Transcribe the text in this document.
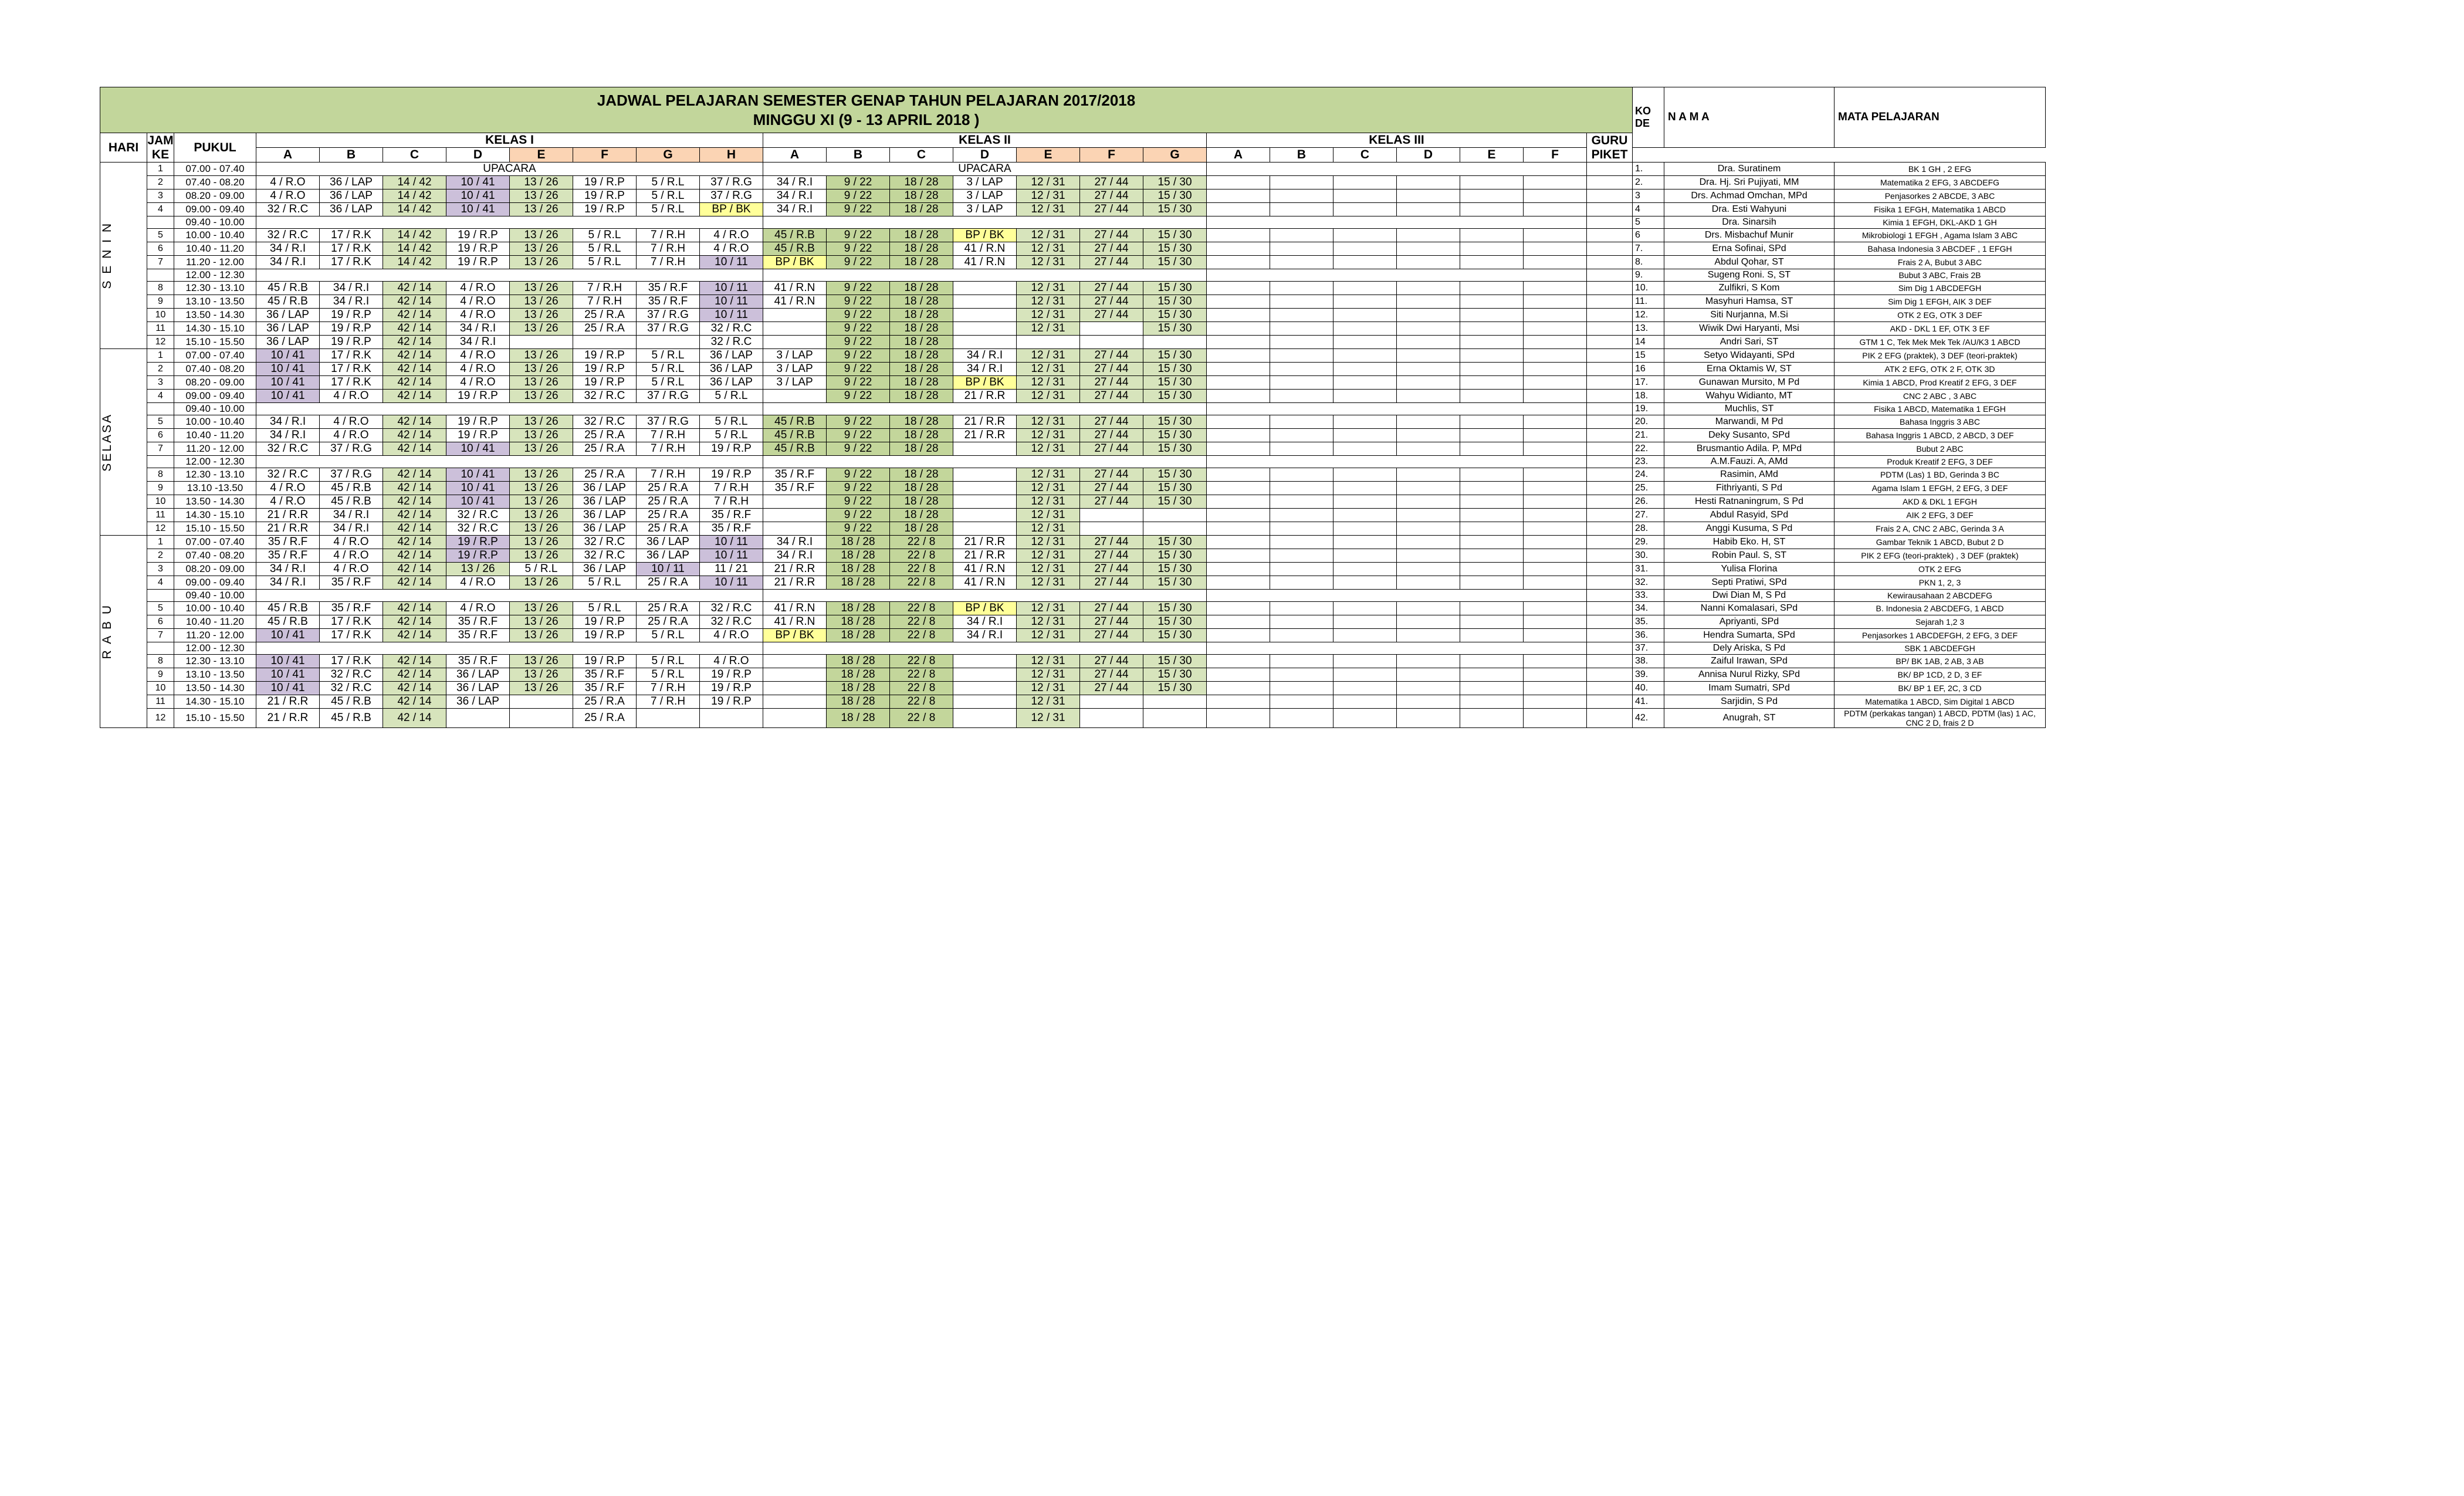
JADWAL PELAJARAN SEMESTER GENAP TAHUN PELAJARAN 2017/2018
MINGGU XI (9 - 13 APRIL 2018 )	KO
DE	N A M A	MATA PELAJARAN
HARI	JAM
KE	PUKUL	KELAS I								KELAS II							KELAS III						GURU
PIKET			
			A	B	C	D	E	F	G	H	A	B	C	D	E	F	G	A	B	C	D	E	F				

S E N I N	1	07.00 - 07.40	UPACARA								UPACARA														1.	Dra. Suratinem	BK 1 GH , 2 EFG
	2	07.40 - 08.20	4 / R.O	36 / LAP	14 / 42	10 / 41	13 / 26	19 / R.P	5 / R.L	37 / R.G	34 / R.I	9 / 22	18 / 28	3 / LAP	12 / 31	27 / 44	15 / 30								2.	Dra. Hj. Sri Pujiyati, MM	Matematika 2 EFG, 3 ABCDEFG
	3	08.20 - 09.00	4 / R.O	36 / LAP	14 / 42	10 / 41	13 / 26	19 / R.P	5 / R.L	37 / R.G	34 / R.I	9 / 22	18 / 28	3 / LAP	12 / 31	27 / 44	15 / 30								3	Drs. Achmad Omchan, MPd	Penjasorkes 2 ABCDE, 3 ABC
	4	09.00 - 09.40	32 / R.C	36 / LAP	14 / 42	10 / 41	13 / 26	19 / R.P	5 / R.L	BP / BK	34 / R.I	9 / 22	18 / 28	3 / LAP	12 / 31	27 / 44	15 / 30								4	Dra. Esti Wahyuni	Fisika 1 EFGH, Matematika 1 ABCD
		09.40 - 10.00																							5	Dra. Sinarsih	Kimia 1 EFGH, DKL-AKD 1 GH
	5	10.00 - 10.40	32 / R.C	17 / R.K	14 / 42	19 / R.P	13 / 26	5 / R.L	7 / R.H	4 / R.O	45 / R.B	9 / 22	18 / 28	BP / BK	12 / 31	27 / 44	15 / 30								6	Drs. Misbachuf Munir	Mikrobiologi 1 EFGH , Agama Islam 3 ABC
	6	10.40 - 11.20	34 / R.I	17 / R.K	14 / 42	19 / R.P	13 / 26	5 / R.L	7 / R.H	4 / R.O	45 / R.B	9 / 22	18 / 28	41 / R.N	12 / 31	27 / 44	15 / 30								7.	Erna Sofinai, SPd	Bahasa Indonesia 3 ABCDEF , 1 EFGH
	7	11.20 - 12.00	34 / R.I	17 / R.K	14 / 42	19 / R.P	13 / 26	5 / R.L	7 / R.H	10 / 11	BP / BK	9 / 22	18 / 28	41 / R.N	12 / 31	27 / 44	15 / 30								8.	Abdul Qohar, ST	Frais 2 A, Bubut 3 ABC
		12.00 - 12.30																							9.	Sugeng Roni. S, ST	Bubut 3 ABC, Frais 2B
	8	12.30 - 13.10	45 / R.B	34 / R.I	42 / 14	4 / R.O	13 / 26	7 / R.H	35 / R.F	10 / 11	41 / R.N	9 / 22	18 / 28		12 / 31	27 / 44	15 / 30								10.	Zulfikri, S Kom	Sim Dig 1 ABCDEFGH
	9	13.10 - 13.50	45 / R.B	34 / R.I	42 / 14	4 / R.O	13 / 26	7 / R.H	35 / R.F	10 / 11	41 / R.N	9 / 22	18 / 28		12 / 31	27 / 44	15 / 30								11.	Masyhuri Hamsa, ST	Sim Dig 1 EFGH, AIK 3 DEF
	10	13.50 - 14.30	36 / LAP	19 / R.P	42 / 14	4 / R.O	13 / 26	25 / R.A	37 / R.G	10 / 11		9 / 22	18 / 28		12 / 31	27 / 44	15 / 30								12.	Siti Nurjanna, M.Si	OTK 2 EG, OTK 3 DEF
	11	14.30 - 15.10	36 / LAP	19 / R.P	42 / 14	34 / R.I	13 / 26	25 / R.A	37 / R.G	32 / R.C		9 / 22	18 / 28		12 / 31		15 / 30								13.	Wiwik Dwi Haryanti, Msi	AKD - DKL 1 EF, OTK 3 EF
	12	15.10 - 15.50	36 / LAP	19 / R.P	42 / 14	34 / R.I				32 / R.C		9 / 22	18 / 28												14	Andri Sari, ST	GTM 1 C, Tek Mek Mek Tek /AU/K3 1 ABCD

SELASA	1	07.00 - 07.40	10 / 41	17 / R.K	42 / 14	4 / R.O	13 / 26	19 / R.P	5 / R.L	36 / LAP	3 / LAP	9 / 22	18 / 28	34 / R.I	12 / 31	27 / 44	15 / 30								15	Setyo Widayanti, SPd	PIK 2 EFG (praktek), 3 DEF (teori-praktek)
	2	07.40 - 08.20	10 / 41	17 / R.K	42 / 14	4 / R.O	13 / 26	19 / R.P	5 / R.L	36 / LAP	3 / LAP	9 / 22	18 / 28	34 / R.I	12 / 31	27 / 44	15 / 30								16	Erna Oktamis W, ST	ATK 2 EFG, OTK 2 F, OTK 3D
	3	08.20 - 09.00	10 / 41	17 / R.K	42 / 14	4 / R.O	13 / 26	19 / R.P	5 / R.L	36 / LAP	3 / LAP	9 / 22	18 / 28	BP / BK	12 / 31	27 / 44	15 / 30								17.	Gunawan Mursito, M Pd	Kimia 1 ABCD, Prod Kreatif 2 EFG, 3 DEF
	4	09.00 - 09.40	10 / 41	4 / R.O	42 / 14	19 / R.P	13 / 26	32 / R.C	37 / R.G	5 / R.L		9 / 22	18 / 28	21 / R.R	12 / 31	27 / 44	15 / 30								18.	Wahyu Widianto, MT	CNC 2 ABC , 3 ABC
		09.40 - 10.00																							19.	Muchlis, ST	Fisika 1 ABCD, Matematika 1 EFGH
	5	10.00 - 10.40	34 / R.I	4 / R.O	42 / 14	19 / R.P	13 / 26	32 / R.C	37 / R.G	5 / R.L	45 / R.B	9 / 22	18 / 28	21 / R.R	12 / 31	27 / 44	15 / 30								20.	Marwandi, M Pd	Bahasa Inggris 3 ABC
	6	10.40 - 11.20	34 / R.I	4 / R.O	42 / 14	19 / R.P	13 / 26	25 / R.A	7 / R.H	5 / R.L	45 / R.B	9 / 22	18 / 28	21 / R.R	12 / 31	27 / 44	15 / 30								21.	Deky Susanto, SPd	Bahasa Inggris 1 ABCD, 2 ABCD, 3 DEF
	7	11.20 - 12.00	32 / R.C	37 / R.G	42 / 14	10 / 41	13 / 26	25 / R.A	7 / R.H	19 / R.P	45 / R.B	9 / 22	18 / 28		12 / 31	27 / 44	15 / 30								22.	Brusmantio Adila. P, MPd	Bubut 2 ABC
		12.00 - 12.30																							23.	A.M.Fauzi. A, AMd	Produk Kreatif 2 EFG, 3 DEF
	8	12.30 - 13.10	32 / R.C	37 / R.G	42 / 14	10 / 41	13 / 26	25 / R.A	7 / R.H	19 / R.P	35 / R.F	9 / 22	18 / 28		12 / 31	27 / 44	15 / 30								24.	Rasimin, AMd	PDTM (Las) 1 BD, Gerinda 3 BC
	9	13.10 -13.50	4 / R.O	45 / R.B	42 / 14	10 / 41	13 / 26	36 / LAP	25 / R.A	7 / R.H	35 / R.F	9 / 22	18 / 28		12 / 31	27 / 44	15 / 30								25.	Fithriyanti, S Pd	Agama Islam 1 EFGH, 2 EFG, 3 DEF
	10	13.50 - 14.30	4 / R.O	45 / R.B	42 / 14	10 / 41	13 / 26	36 / LAP	25 / R.A	7 / R.H		9 / 22	18 / 28		12 / 31	27 / 44	15 / 30								26.	Hesti Ratnaningrum, S Pd	AKD & DKL 1 EFGH
	11	14.30 - 15.10	21 / R.R	34 / R.I	42 / 14	32 / R.C	13 / 26	36 / LAP	25 / R.A	35 / R.F		9 / 22	18 / 28		12 / 31										27.	Abdul Rasyid, SPd	AIK 2 EFG, 3 DEF
	12	15.10 - 15.50	21 / R.R	34 / R.I	42 / 14	32 / R.C	13 / 26	36 / LAP	25 / R.A	35 / R.F		9 / 22	18 / 28		12 / 31										28.	Anggi Kusuma, S Pd	Frais 2 A, CNC 2 ABC, Gerinda 3 A

R A B U	1	07.00 - 07.40	35 / R.F	4 / R.O	42 / 14	19 / R.P	13 / 26	32 / R.C	36 / LAP	10 / 11	34 / R.I	18 / 28	22 / 8	21 / R.R	12 / 31	27 / 44	15 / 30								29.	Habib Eko. H, ST	Gambar Teknik 1 ABCD, Bubut 2 D
	2	07.40 - 08.20	35 / R.F	4 / R.O	42 / 14	19 / R.P	13 / 26	32 / R.C	36 / LAP	10 / 11	34 / R.I	18 / 28	22 / 8	21 / R.R	12 / 31	27 / 44	15 / 30								30.	Robin Paul. S, ST	PIK 2 EFG (teori-praktek) , 3 DEF (praktek)
	3	08.20 - 09.00	34 / R.I	4 / R.O	42 / 14	13 / 26	5 / R.L	36 / LAP	10 / 11	11 / 21	21 / R.R	18 / 28	22 / 8	41 / R.N	12 / 31	27 / 44	15 / 30								31.	Yulisa Florina	OTK 2 EFG
	4	09.00 - 09.40	34 / R.I	35 / R.F	42 / 14	4 / R.O	13 / 26	5 / R.L	25 / R.A	10 / 11	21 / R.R	18 / 28	22 / 8	41 / R.N	12 / 31	27 / 44	15 / 30								32.	Septi Pratiwi, SPd	PKN 1, 2, 3
		09.40 - 10.00																							33.	Dwi Dian M, S Pd	Kewirausahaan 2 ABCDEFG
	5	10.00 - 10.40	45 / R.B	35 / R.F	42 / 14	4 / R.O	13 / 26	5 / R.L	25 / R.A	32 / R.C	41 / R.N	18 / 28	22 / 8	BP / BK	12 / 31	27 / 44	15 / 30								34.	Nanni Komalasari, SPd	B. Indonesia 2 ABCDEFG, 1 ABCD
	6	10.40 - 11.20	45 / R.B	17 / R.K	42 / 14	35 / R.F	13 / 26	19 / R.P	25 / R.A	32 / R.C	41 / R.N	18 / 28	22 / 8	34 / R.I	12 / 31	27 / 44	15 / 30								35.	Apriyanti, SPd	Sejarah 1,2 3
	7	11.20 - 12.00	10 / 41	17 / R.K	42 / 14	35 / R.F	13 / 26	19 / R.P	5 / R.L	4 / R.O	BP / BK	18 / 28	22 / 8	34 / R.I	12 / 31	27 / 44	15 / 30								36.	Hendra Sumarta, SPd	Penjasorkes 1 ABCDEFGH, 2 EFG, 3 DEF
		12.00 - 12.30																							37.	Dely Ariska, S Pd	SBK 1 ABCDEFGH
	8	12.30 - 13.10	10 / 41	17 / R.K	42 / 14	35 / R.F	13 / 26	19 / R.P	5 / R.L	4 / R.O		18 / 28	22 / 8		12 / 31	27 / 44	15 / 30								38.	Zaiful Irawan, SPd	BP/ BK 1AB, 2 AB, 3 AB
	9	13.10 - 13.50	10 / 41	32 / R.C	42 / 14	36 / LAP	13 / 26	35 / R.F	5 / R.L	19 / R.P		18 / 28	22 / 8		12 / 31	27 / 44	15 / 30								39.	Annisa Nurul Rizky, SPd	BK/ BP 1CD, 2 D, 3 EF
	10	13.50 - 14.30	10 / 41	32 / R.C	42 / 14	36 / LAP	13 / 26	35 / R.F	7 / R.H	19 / R.P		18 / 28	22 / 8		12 / 31	27 / 44	15 / 30								40.	Imam Sumatri, SPd	BK/ BP 1 EF, 2C, 3 CD
	11	14.30 - 15.10	21 / R.R	45 / R.B	42 / 14	36 / LAP		25 / R.A	7 / R.H	19 / R.P		18 / 28	22 / 8		12 / 31										41.	Sarjidin, S Pd	Matematika 1 ABCD, Sim Digital 1 ABCD
	12	15.10 - 15.50	21 / R.R	45 / R.B	42 / 14			25 / R.A				18 / 28	22 / 8		12 / 31										42.	Anugrah, ST	PDTM (perkakas tangan) 1 ABCD, PDTM (las) 1 AC, CNC 2 D, frais 2 D
